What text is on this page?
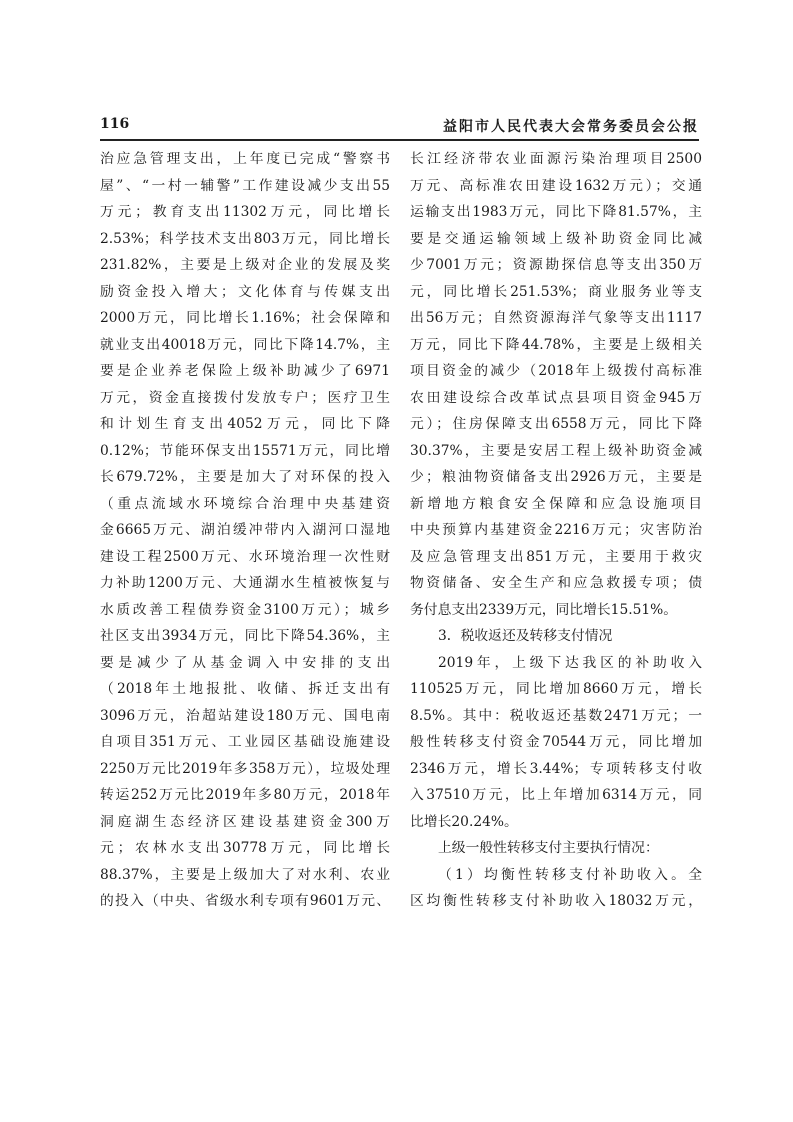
116	益阳市人民代表大会常务委员会公报
治应急管理支出，上年度已完成“警察书
屋”、“一村一辅警”工作建设减少支出55
万元；教育支出11302万元，同比增长
2.53%；科学技术支出803万元，同比增长
231.82%，主要是上级对企业的发展及奖
励资金投入增大；文化体育与传媒支出
2000万元，同比增长1.16%；社会保障和
就业支出40018万元，同比下降14.7%，主
要是企业养老保险上级补助减少了6971
万元，资金直接拨付发放专户；医疗卫生
和计划生育支出4052万元，同比下降
0.12%；节能环保支出15571万元，同比增
长679.72%，主要是加大了对环保的投入
（重点流域水环境综合治理中央基建资
金6665万元、湖泊缓冲带内入湖河口湿地
建设工程2500万元、水环境治理一次性财
力补助1200万元、大通湖水生植被恢复与
水质改善工程债券资金3100万元）；城乡
社区支出3934万元，同比下降54.36%，主
要是减少了从基金调入中安排的支出
（2018年土地报批、收储、拆迁支出有
3096万元，治超站建设180万元、国电南
自项目351万元、工业园区基础设施建设
2250万元比2019年多358万元），垃圾处理
转运252万元比2019年多80万元，2018年
洞庭湖生态经济区建设基建资金300万
元；农林水支出30778万元，同比增长
88.37%，主要是上级加大了对水利、农业
的投入（中央、省级水利专项有9601万元、
长江经济带农业面源污染治理项目2500
万元、高标准农田建设1632万元）；交通
运输支出1983万元，同比下降81.57%，主
要是交通运输领域上级补助资金同比减
少7001万元；资源勘探信息等支出350万
元，同比增长251.53%；商业服务业等支
出56万元；自然资源海洋气象等支出1117
万元，同比下降44.78%，主要是上级相关
项目资金的减少（2018年上级拨付高标准
农田建设综合改革试点县项目资金945万
元）；住房保障支出6558万元，同比下降
30.37%，主要是安居工程上级补助资金减
少；粮油物资储备支出2926万元，主要是
新增地方粮食安全保障和应急设施项目
中央预算内基建资金2216万元；灾害防治
及应急管理支出851万元，主要用于救灾
物资储备、安全生产和应急救援专项；债
务付息支出2339万元，同比增长15.51%。
3．税收返还及转移支付情况
2019年，上级下达我区的补助收入
110525万元，同比增加8660万元，增长
8.5%。其中：税收返还基数2471万元；一
般性转移支付资金70544万元，同比增加
2346万元，增长3.44%；专项转移支付收
入37510万元，比上年增加6314万元，同
比增长20.24%。
上级一般性转移支付主要执行情况：
（1）均衡性转移支付补助收入。全
区均衡性转移支付补助收入18032万元，
